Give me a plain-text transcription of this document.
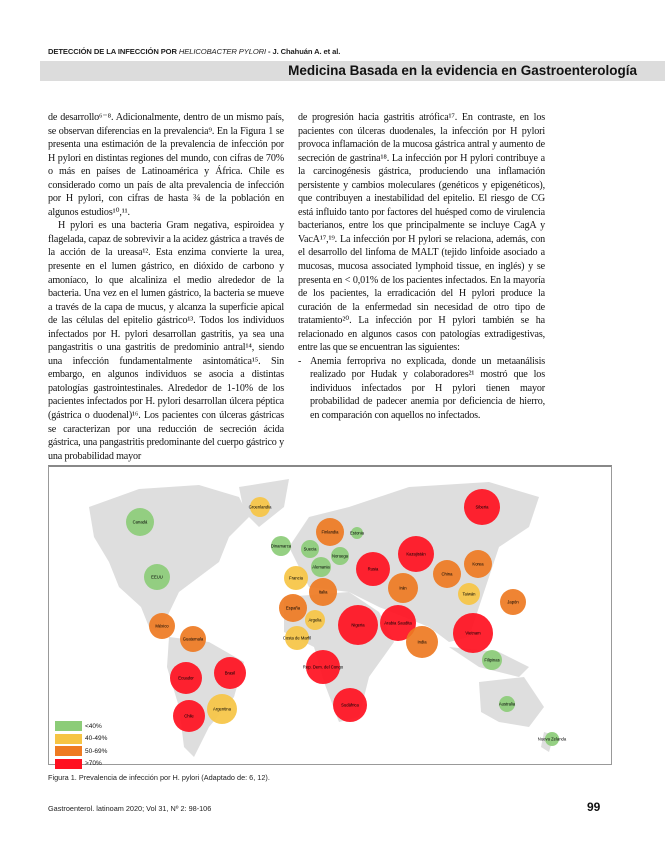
DETECCIÓN DE LA INFECCIÓN POR HELICOBACTER PYLORI - J. Chahuán A. et al.
Medicina Basada en la evidencia en Gastroenterología

de desarrollo⁶⁻⁸. Adicionalmente, dentro de un mismo país, se observan diferencias en la prevalencia⁹. En la Figura 1 se presenta una estimación de la prevalencia de infección por H pylori en distintas regiones del mundo, con cifras de 70% o más en países de Latinoamérica y África. Chile es considerado como un país de alta prevalencia de infección por H pylori, con cifras de hasta ¾ de la población en algunos estudios¹⁰,¹¹.

H pylori es una bacteria Gram negativa, espiroidea y flagelada, capaz de sobrevivir a la acidez gástrica a través de la acción de la ureasa¹². Esta enzima convierte la urea, presente en el lumen gástrico, en dióxido de carbono y amoníaco, lo que alcaliniza el medio alrededor de la bacteria. Una vez en el lumen gástrico, la bacteria se mueve a través de la capa de mucus, y alcanza la superficie apical de las células del epitelio gástrico¹³. Todos los individuos infectados por H. pylori desarrollan gastritis, ya sea una pangastritis o una gastritis de predominio antral¹⁴, siendo una infección fundamentalmente asintomática¹⁵. Sin embargo, en algunos individuos se asocia a distintas patologías gastrointestinales. Alrededor de 1-10% de los pacientes infectados por H. pylori desarrollan úlcera péptica (gástrica o duodenal)¹⁶. Los pacientes con úlceras gástricas se caracterizan por una reducción de secreción ácida gástrica, una pangastritis predominante del cuerpo gástrico y una probabilidad mayor

de progresión hacia gastritis atrófica¹⁷. En contraste, en los pacientes con úlceras duodenales, la infección por H pylori provoca inflamación de la mucosa gástrica antral y aumento de secreción de gastrina¹⁸. La infección por H pylori contribuye a la carcinogénesis gástrica, produciendo una inflamación persistente y cambios moleculares (genéticos y epigenéticos), que contribuyen a inestabilidad del epitelio. El riesgo de CG está influido tanto por factores del huésped como de virulencia bacterianos, entre los que principalmente se incluye CagA y VacA¹⁷,¹⁹. La infección por H pylori se relaciona, además, con el desarrollo del linfoma de MALT (tejido linfoide asociado a mucosas, mucosa associated lymphoid tissue, en inglés) y se presenta en < 0,01% de los pacientes infectados. En la mayoría de los pacientes, la erradicación del H pylori produce la curación de la enfermedad sin necesidad de otro tipo de tratamiento²⁰. La infección por H pylori también se ha relacionado en algunos casos con patologías extradigestivas, entre las que se encuentran las siguientes:

- Anemia ferropriva no explicada, donde un metaanálisis realizado por Hudak y colaboradores²¹ mostró que los individuos infectados por H pylori tienen mayor probabilidad de padecer anemia por deficiencia de hierro, en comparación con aquellos no infectados.
Canadá
Groenlandia
EEUU
México
Guatemala
Dinamarca
Finlandia	Estonia
Suecia
Noruega
Alemania	Rusia
Francia
Italia
España
Argelia
Nigeria
Costa de Marfil
Rep. Dem. del Congo
Sudáfrica
Arabia Saudita
India
Irán
Kazajistán
Siberia
China
Korea
Taiwán
Japón
Vietnam
Filipinas
Australia
Nueva Zelanda
Ecuador
Brasil
Chile
Argentina
<40%
40-49%
50-69%
>70%
Figura 1. Prevalencia de infección por H. pylori (Adaptado de: 6, 12).
Gastroenterol. latinoam 2020; Vol 31, Nº 2: 98-106	99
